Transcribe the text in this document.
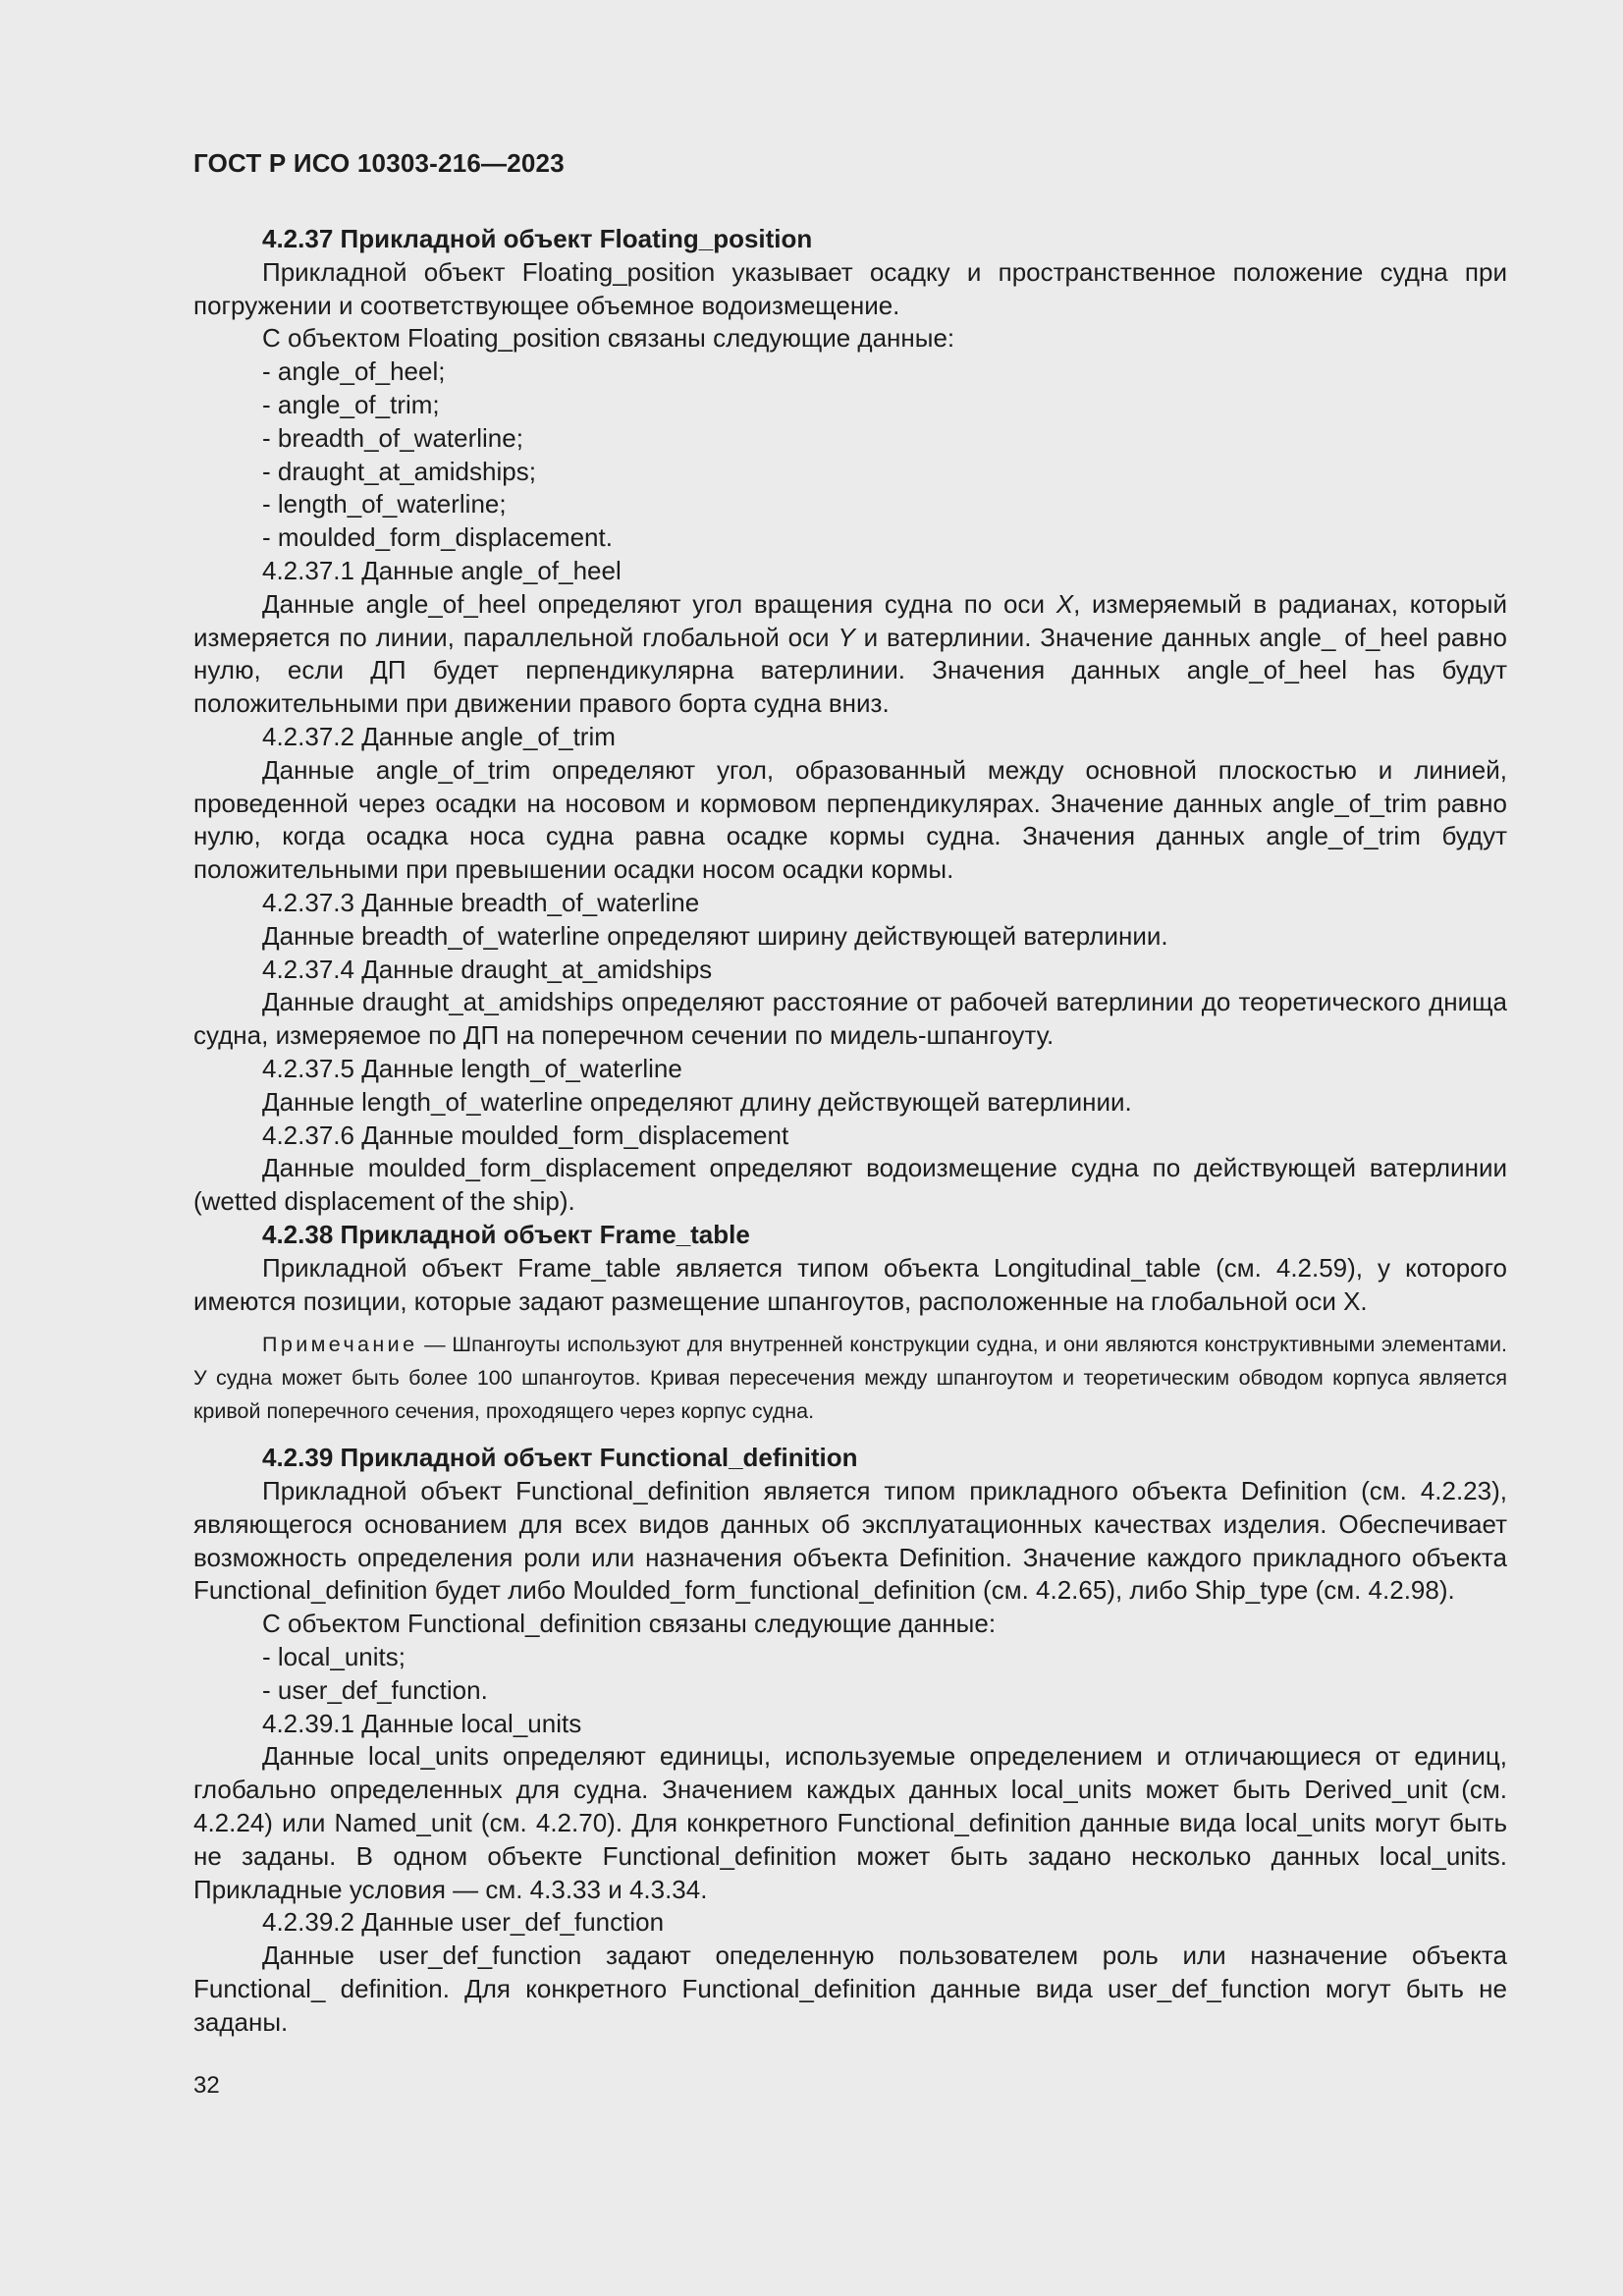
ГОСТ Р ИСО 10303-216—2023

4.2.37 Прикладной объект Floating_position

Прикладной объект Floating_position указывает осадку и пространственное положение судна при погружении и соответствующее объемное водоизмещение.

С объектом Floating_position связаны следующие данные:

- angle_of_heel;

- angle_of_trim;

- breadth_of_waterline;

- draught_at_amidships;

- length_of_waterline;

- moulded_form_displacement.

4.2.37.1 Данные angle_of_heel

Данные angle_of_heel определяют угол вращения судна по оси X, измеряемый в радианах, который измеряется по линии, параллельной глобальной оси Y и ватерлинии. Значение данных angle_ of_heel равно нулю, если ДП будет перпендикулярна ватерлинии. Значения данных angle_of_heel has будут положительными при движении правого борта судна вниз.

4.2.37.2 Данные angle_of_trim

Данные angle_of_trim определяют угол, образованный между основной плоскостью и линией, проведенной через осадки на носовом и кормовом перпендикулярах. Значение данных angle_of_trim равно нулю, когда осадка носа судна равна осадке кормы судна. Значения данных angle_of_trim будут положительными при превышении осадки носом осадки кормы.

4.2.37.3 Данные breadth_of_waterline

Данные breadth_of_waterline определяют ширину действующей ватерлинии.

4.2.37.4 Данные draught_at_amidships

Данные draught_at_amidships определяют расстояние от рабочей ватерлинии до теоретического днища судна, измеряемое по ДП на поперечном сечении по мидель-шпангоуту.

4.2.37.5 Данные length_of_waterline

Данные length_of_waterline определяют длину действующей ватерлинии.

4.2.37.6 Данные moulded_form_displacement

Данные moulded_form_displacement определяют водоизмещение судна по действующей ватерлинии (wetted displacement of the ship).

4.2.38 Прикладной объект Frame_table

Прикладной объект Frame_table является типом объекта Longitudinal_table (см. 4.2.59), у которого имеются позиции, которые задают размещение шпангоутов, расположенные на глобальной оси X.

Примечание — Шпангоуты используют для внутренней конструкции судна, и они являются конструктивными элементами. У судна может быть более 100 шпангоутов. Кривая пересечения между шпангоутом и теоретическим обводом корпуса является кривой поперечного сечения, проходящего через корпус судна.

4.2.39 Прикладной объект Functional_definition

Прикладной объект Functional_definition является типом прикладного объекта Definition (см. 4.2.23), являющегося основанием для всех видов данных об эксплуатационных качествах изделия. Обеспечивает возможность определения роли или назначения объекта Definition. Значение каждого прикладного объекта Functional_definition будет либо Moulded_form_functional_definition (см. 4.2.65), либо Ship_type (см. 4.2.98).

С объектом Functional_definition связаны следующие данные:

- local_units;

- user_def_function.

4.2.39.1 Данные local_units

Данные local_units определяют единицы, используемые определением и отличающиеся от единиц, глобально определенных для судна. Значением каждых данных local_units может быть Derived_unit (см. 4.2.24) или Named_unit (см. 4.2.70). Для конкретного Functional_definition данные вида local_units могут быть не заданы. В одном объекте Functional_definition может быть задано несколько данных local_units. Прикладные условия — см. 4.3.33 и 4.3.34.

4.2.39.2 Данные user_def_function

Данные user_def_function задают опеделенную пользователем роль или назначение объекта Functional_ definition. Для конкретного Functional_definition данные вида user_def_function могут быть не заданы.

32
